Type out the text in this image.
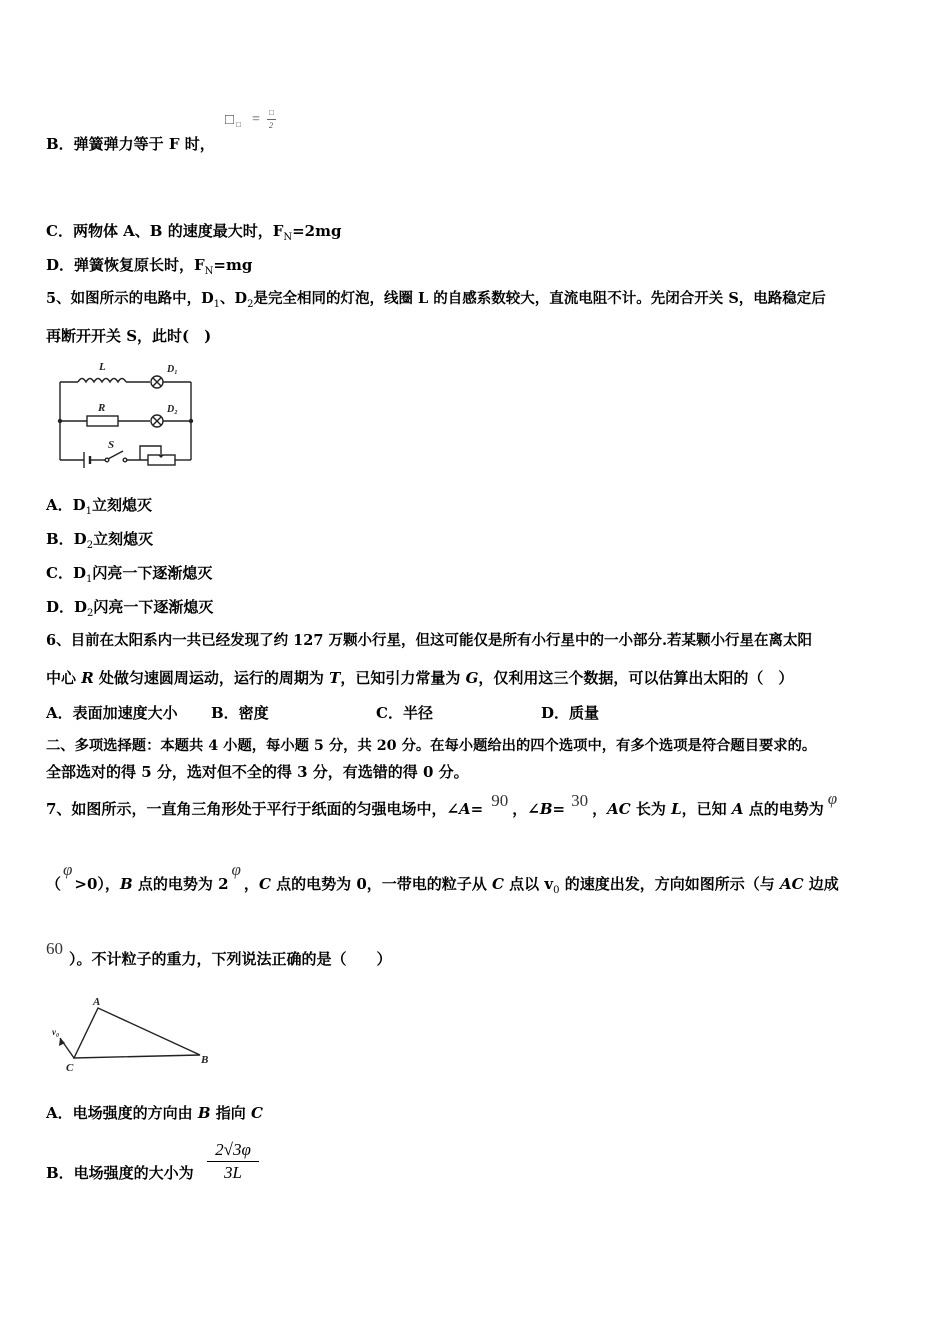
B．弹簧弹力等于 F 时，
□ □ = □
2
C．两物体 A、B 的速度最大时，$F_N=2mg$
D．弹簧恢复原长时，$F_N=mg$
5、如图所示的电路中，$D_1$、$D_2$是完全相同的灯泡，线圈 L 的自感系数较大，直流电阻不计。先闭合开关 S，电路稳定后
再断开开关 S，此时(　)
L	D₁
R	D₂
S
A．$D_1$立刻熄灭
B．$D_2$立刻熄灭
C．$D_1$闪亮一下逐渐熄灭
D．$D_2$闪亮一下逐渐熄灭
6、目前在太阳系内一共已经发现了约 127 万颗小行星，但这可能仅是所有小行星中的一小部分.若某颗小行星在离太阳
中心 R 处做匀速圆周运动，运行的周期为 T，已知引力常量为 G，仅利用这三个数据，可以估算出太阳的（　）
A．表面加速度大小 B．密度	C．半径	D．质量
二、多项选择题：本题共 4 小题，每小题 5 分，共 20 分。在每小题给出的四个选项中，有多个选项是符合题目要求的。
全部选对的得 5 分，选对但不全的得 3 分，有选错的得 0 分。
7、如图所示，一直角三角形处于平行于纸面的匀强电场中，∠A= 90 ，∠B= 30 ，AC 长为 L，已知 A 点的电势为φ
（φ>0），B 点的电势为 2φ，C 点的电势为 0，一带电的粒子从 C 点以 $v_0$ 的速度出发，方向如图所示（与 AC 边成
60）。不计粒子的重力，下列说法正确的是（　　）
A
C
B
v₀
A．电场强度的方向由 B 指向 C
B．电场强度的大小为
2√3φ
3L
